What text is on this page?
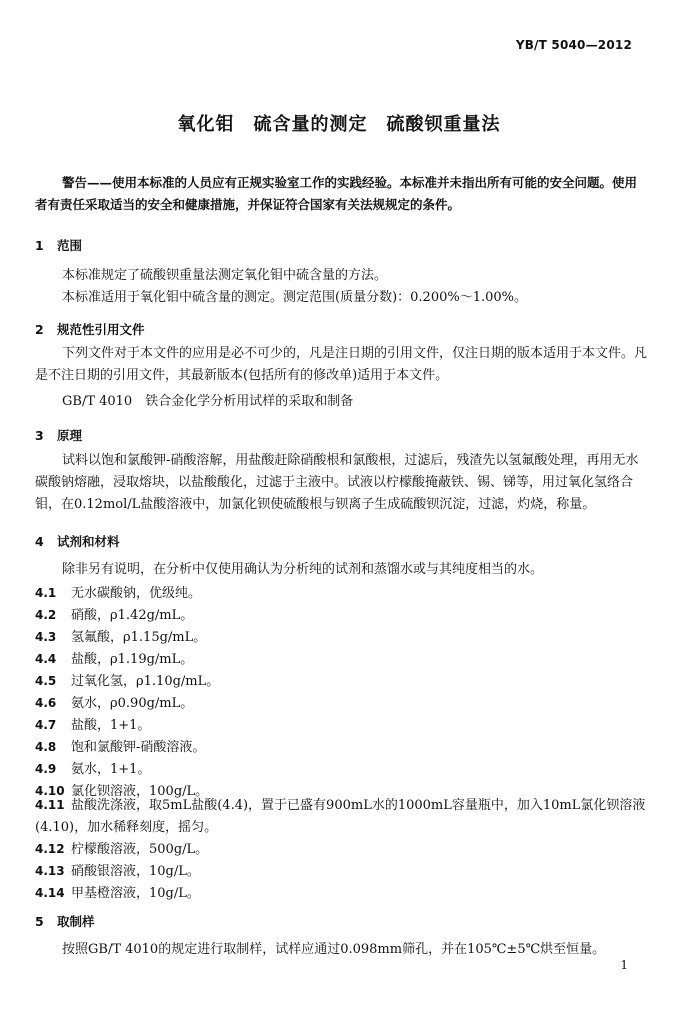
YB/T 5040—2012
氧化钼　硫含量的测定　硫酸钡重量法
警告——使用本标准的人员应有正规实验室工作的实践经验。本标准并未指出所有可能的安全问题。使用者有责任采取适当的安全和健康措施，并保证符合国家有关法规规定的条件。
1 范围
本标准规定了硫酸钡重量法测定氧化钼中硫含量的方法。
本标准适用于氧化钼中硫含量的测定。测定范围(质量分数)：0.200%～1.00%。
2 规范性引用文件
下列文件对于本文件的应用是必不可少的，凡是注日期的引用文件，仅注日期的版本适用于本文件。凡是不注日期的引用文件，其最新版本(包括所有的修改单)适用于本文件。
GB/T 4010　铁合金化学分析用试样的采取和制备
3 原理
试料以饱和氯酸钾-硝酸溶解，用盐酸赶除硝酸根和氯酸根，过滤后，残渣先以氢氟酸处理，再用无水碳酸钠熔融，浸取熔块，以盐酸酸化，过滤于主液中。试液以柠檬酸掩蔽铁、锡、锑等，用过氧化氢络合钼，在0.12mol/L盐酸溶液中，加氯化钡使硫酸根与钡离子生成硫酸钡沉淀，过滤，灼烧，称量。
4 试剂和材料
除非另有说明，在分析中仅使用确认为分析纯的试剂和蒸馏水或与其纯度相当的水。
4.1 无水碳酸钠，优级纯。
4.2 硝酸，ρ1.42g/mL。
4.3 氢氟酸，ρ1.15g/mL。
4.4 盐酸，ρ1.19g/mL。
4.5 过氧化氢，ρ1.10g/mL。
4.6 氨水，ρ0.90g/mL。
4.7 盐酸，1+1。
4.8 饱和氯酸钾-硝酸溶液。
4.9 氨水，1+1。
4.10 氯化钡溶液，100g/L。
4.11 盐酸洗涤液，取5mL盐酸(4.4)，置于已盛有900mL水的1000mL容量瓶中，加入10mL氯化钡溶液(4.10)，加水稀释刻度，摇匀。
4.12 柠檬酸溶液，500g/L。
4.13 硝酸银溶液，10g/L。
4.14 甲基橙溶液，10g/L。
5 取制样
按照GB/T 4010的规定进行取制样，试样应通过0.098mm筛孔，并在105℃±5℃烘至恒量。
1
